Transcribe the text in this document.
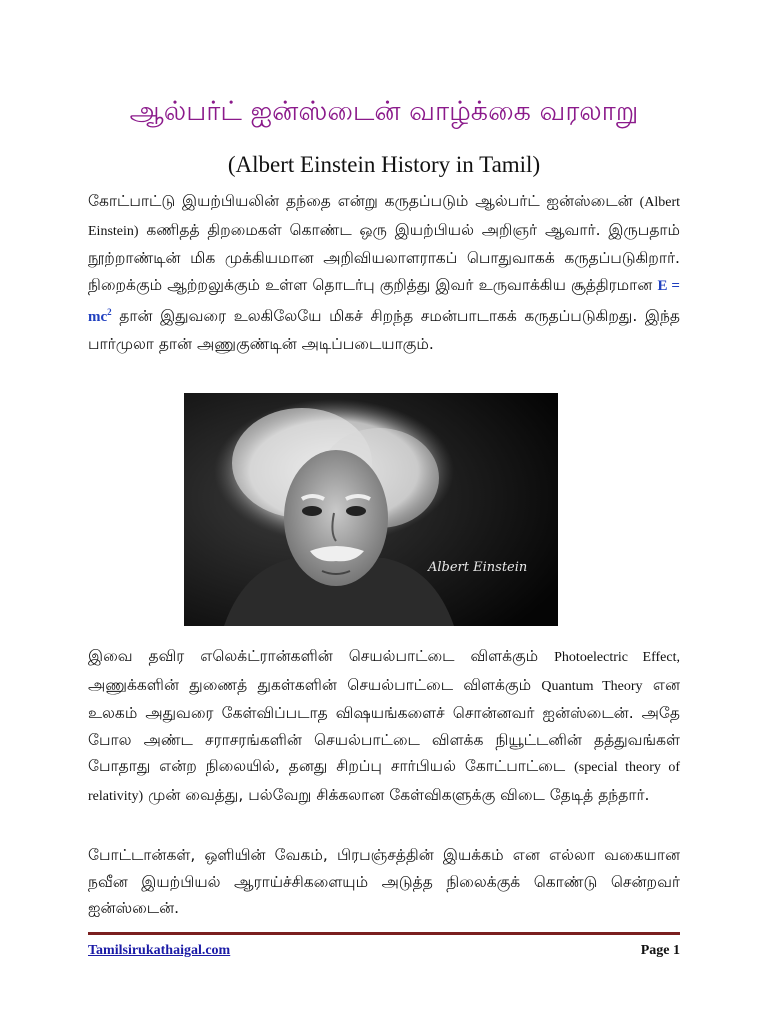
ஆல்பர்ட் ஐன்ஸ்டைன் வாழ்க்கை வரலாறு
(Albert Einstein History in Tamil)

கோட்பாட்டு இயற்பியலின் தந்தை என்று கருதப்படும் ஆல்பர்ட் ஐன்ஸ்டைன் (Albert Einstein) கணிதத் திறமைகள் கொண்ட ஒரு இயற்பியல் அறிஞர் ஆவார். இருபதாம் நூற்றாண்டின் மிக முக்கியமான அறிவியலாளராகப் பொதுவாகக் கருதப்படுகிறார். நிறைக்கும் ஆற்றலுக்கும் உள்ள தொடர்பு குறித்து இவர் உருவாக்கிய சூத்திரமான $E = mc^2$ தான் இதுவரை உலகிலேயே மிகச் சிறந்த சமன்பாடாகக் கருதப்படுகிறது. இந்த பார்முலா தான் அணுகுண்டின் அடிப்படையாகும்.

Albert Einstein

இவை தவிர எலெக்ட்ரான்களின் செயல்பாட்டை விளக்கும் Photoelectric Effect, அணுக்களின் துணைத் துகள்களின் செயல்பாட்டை விளக்கும் Quantum Theory என உலகம் அதுவரை கேள்விப்படாத விஷயங்களைச் சொன்னவர் ஐன்ஸ்டைன். அதே போல அண்ட சராசரங்களின் செயல்பாட்டை விளக்க நியூட்டனின் தத்துவங்கள் போதாது என்ற நிலையில், தனது சிறப்பு சார்பியல் கோட்பாட்டை (special theory of relativity) முன் வைத்து, பல்வேறு சிக்கலான கேள்விகளுக்கு விடை தேடித் தந்தார்.

போட்டான்கள், ஒளியின் வேகம், பிரபஞ்சத்தின் இயக்கம் என எல்லா வகையான நவீன இயற்பியல் ஆராய்ச்சிகளையும் அடுத்த நிலைக்குக் கொண்டு சென்றவர் ஐன்ஸ்டைன்.

Tamilsirukathaigal.com	Page 1
